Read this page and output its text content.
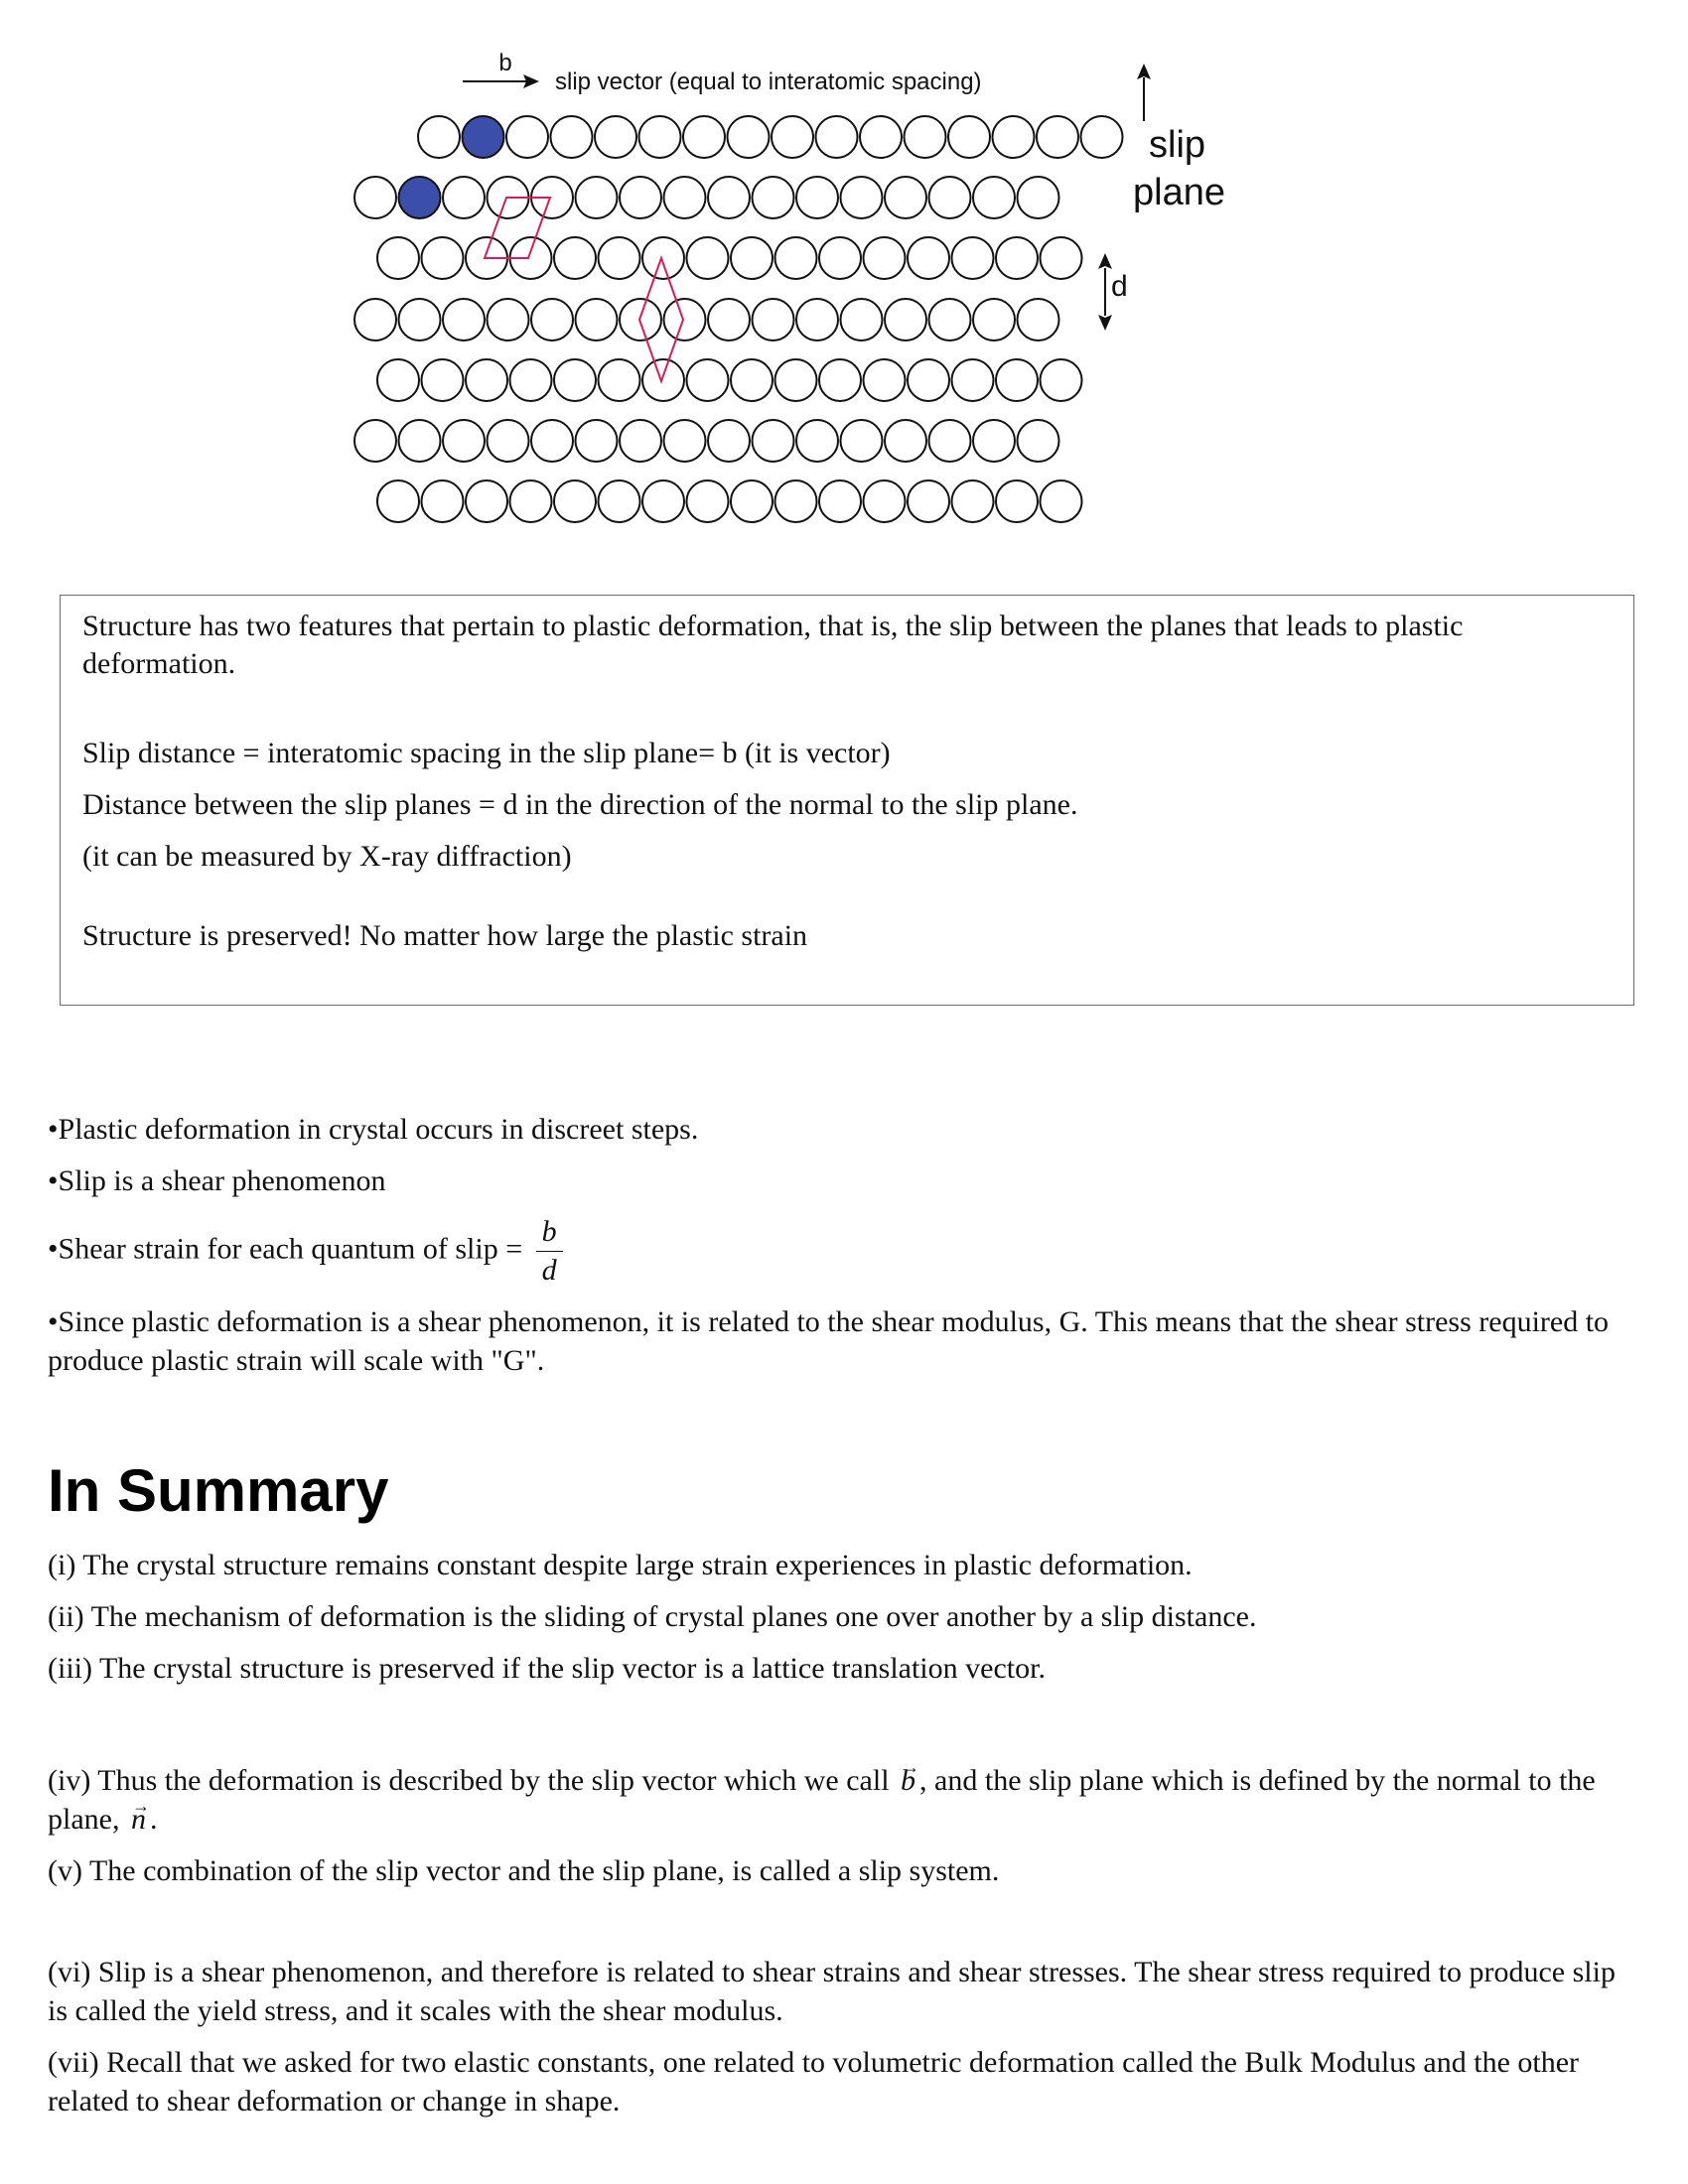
b
slip vector (equal to interatomic spacing)
slip
plane
d

Structure has two features that pertain to plastic deformation, that is, the slip between the planes that leads to plastic deformation.

Slip distance = interatomic spacing in the slip plane= b (it is vector)

Distance between the slip planes = d in the direction of the normal to the slip plane.

(it can be measured by X-ray diffraction)

Structure is preserved! No matter how large the plastic strain

•Plastic deformation in crystal occurs in discreet steps.

•Slip is a shear phenomenon

•Shear strain for each quantum of slip = $\frac{b}{d}$

•Since plastic deformation is a shear phenomenon, it is related to the shear modulus, G. This means that the shear stress required to produce plastic strain will scale with "G".

In Summary

(i) The crystal structure remains constant despite large strain experiences in plastic deformation.

(ii) The mechanism of deformation is the sliding of crystal planes one over another by a slip distance.

(iii) The crystal structure is preserved if the slip vector is a lattice translation vector.

(iv) Thus the deformation is described by the slip vector which we call → b , and the slip plane which is defined by the normal to the plane, → n .

(v) The combination of the slip vector and the slip plane, is called a slip system.

(vi) Slip is a shear phenomenon, and therefore is related to shear strains and shear stresses. The shear stress required to produce slip is called the yield stress, and it scales with the shear modulus.

(vii) Recall that we asked for two elastic constants, one related to volumetric deformation called the Bulk Modulus and the other related to shear deformation or change in shape.
